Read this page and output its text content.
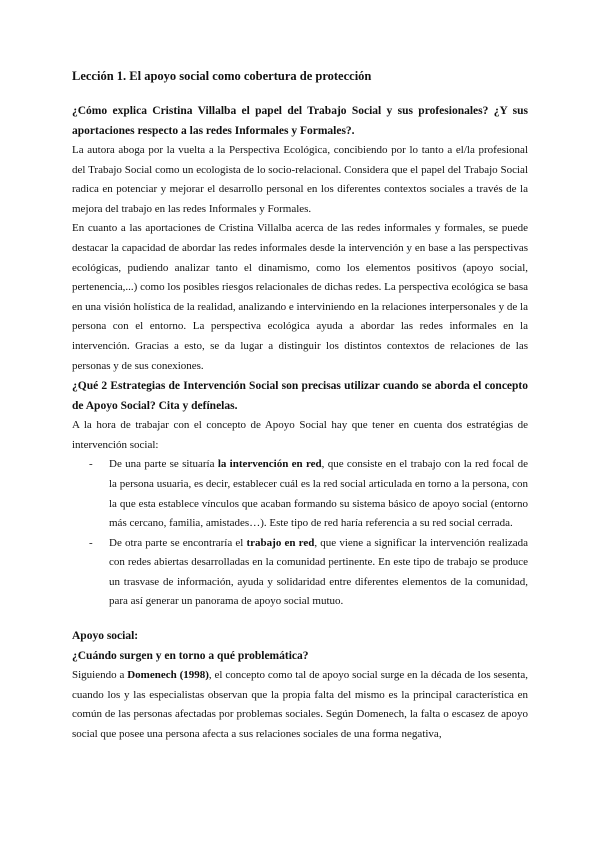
Lección 1. El apoyo social como cobertura de protección

¿Cómo explica Cristina Villalba el papel del Trabajo Social y sus profesionales? ¿Y sus aportaciones respecto a las redes Informales y Formales?.

La autora aboga por la vuelta a la Perspectiva Ecológica, concibiendo por lo tanto a el/la profesional del Trabajo Social como un ecologista de lo socio-relacional. Considera que el papel del Trabajo Social radica en potenciar y mejorar el desarrollo personal en los diferentes contextos sociales a través de la mejora del trabajo en las redes Informales y Formales.

En cuanto a las aportaciones de Cristina Villalba acerca de las redes informales y formales, se puede destacar la capacidad de abordar las redes informales desde la intervención y en base a las perspectivas ecológicas, pudiendo analizar tanto el dinamismo, como los elementos positivos (apoyo social, pertenencia,...) como los posibles riesgos relacionales de dichas redes. La perspectiva ecológica se basa en una visión holística de la realidad, analizando e interviniendo en la relaciones interpersonales y de la persona con el entorno. La perspectiva ecológica ayuda a abordar las redes informales en la intervención. Gracias a esto, se da lugar a distinguir los distintos contextos de relaciones de las personas y de sus conexiones.

¿Qué 2 Estrategias de Intervención Social son precisas utilizar cuando se aborda el concepto de Apoyo Social? Cita y defínelas.

A la hora de trabajar con el concepto de Apoyo Social hay que tener en cuenta dos estratégias de intervención social:

- De una parte se situaría la intervención en red, que consiste en el trabajo con la red focal de la persona usuaria, es decir, establecer cuál es la red social articulada en torno a la persona, con la que esta establece vínculos que acaban formando su sistema básico de apoyo social (entorno más cercano, familia, amistades…). Este tipo de red haría referencia a su red social cerrada.
- De otra parte se encontraría el trabajo en red, que viene a significar la intervención realizada con redes abiertas desarrolladas en la comunidad pertinente. En este tipo de trabajo se produce un trasvase de información, ayuda y solidaridad entre diferentes elementos de la comunidad, para así generar un panorama de apoyo social mutuo.

Apoyo social:

¿Cuándo surgen y en torno a qué problemática?

Siguiendo a Domenech (1998), el concepto como tal de apoyo social surge en la década de los sesenta, cuando los y las especialistas observan que la propia falta del mismo es la principal característica en común de las personas afectadas por problemas sociales. Según Domenech, la falta o escasez de apoyo social que posee una persona afecta a sus relaciones sociales de una forma negativa,
